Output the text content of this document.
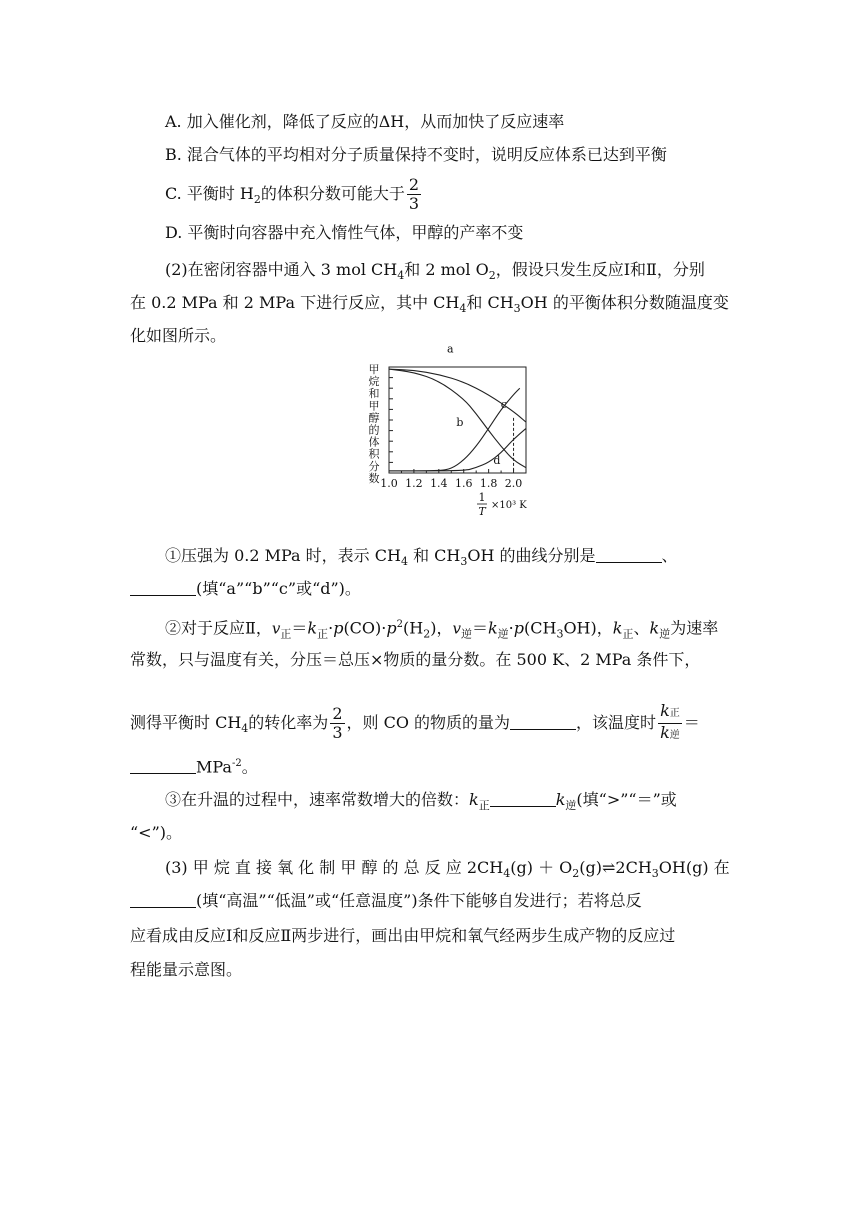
A. 加入催化剂，降低了反应的ΔH，从而加快了反应速率
B. 混合气体的平均相对分子质量保持不变时，说明反应体系已达到平衡
C. 平衡时 $H_2$的体积分数可能大于 $\frac{2}{3}$
D. 平衡时向容器中充入惰性气体，甲醇的产率不变
(2)在密闭容器中通入 3 mol $CH_4$和 2 mol $O_2$，假设只发生反应Ⅰ和Ⅱ，分别
在 0.2 MPa 和 2 MPa 下进行反应，其中 $CH_4$和 $CH_3OH$ 的平衡体积分数随温度变
化如图所示。
甲
烷
和
甲
醇
的
体
积
分
数 1.0 1.2 1.4 1.6 1.8 2.0
a
b
c
d
1
T ×10³ K
①压强为 0.2 MPa 时，表示 $CH_4$ 和 $CH_3OH$ 的曲线分别是	、
(填“a”“b”“c”或“d”)。
②对于反应Ⅱ，$v_正=k_正\cdot p(CO)\cdot p^2(H_2)$，$v_逆=k_逆\cdot p(CH_3OH)$，$k_正$、$k_逆$为速率
常数，只与温度有关，分压＝总压×物质的量分数。在 500 K、2 MPa 条件下，
测得平衡时 $CH_4$的转化率为 $\frac{2}{3}$ ，则 CO 的物质的量为	，该温度时 $\frac{\text{k正}}{\text{k逆}}$ ＝
MPa$^{-2}$。
③在升温的过程中，速率常数增大的倍数：$k_正$	$k_逆$(填“>”“＝”或
“<”)。
(3) 甲 烷 直 接 氧 化 制 甲 醇 的 总 反 应 $2CH_4(g)$ ＋ $O_2(g)\rightleftharpoons 2CH_3OH(g)$ 在
(填“高温”“低温”或“任意温度”)条件下能够自发进行；若将总反
应看成由反应Ⅰ和反应Ⅱ两步进行，画出由甲烷和氧气经两步生成产物的反应过
程能量示意图。
